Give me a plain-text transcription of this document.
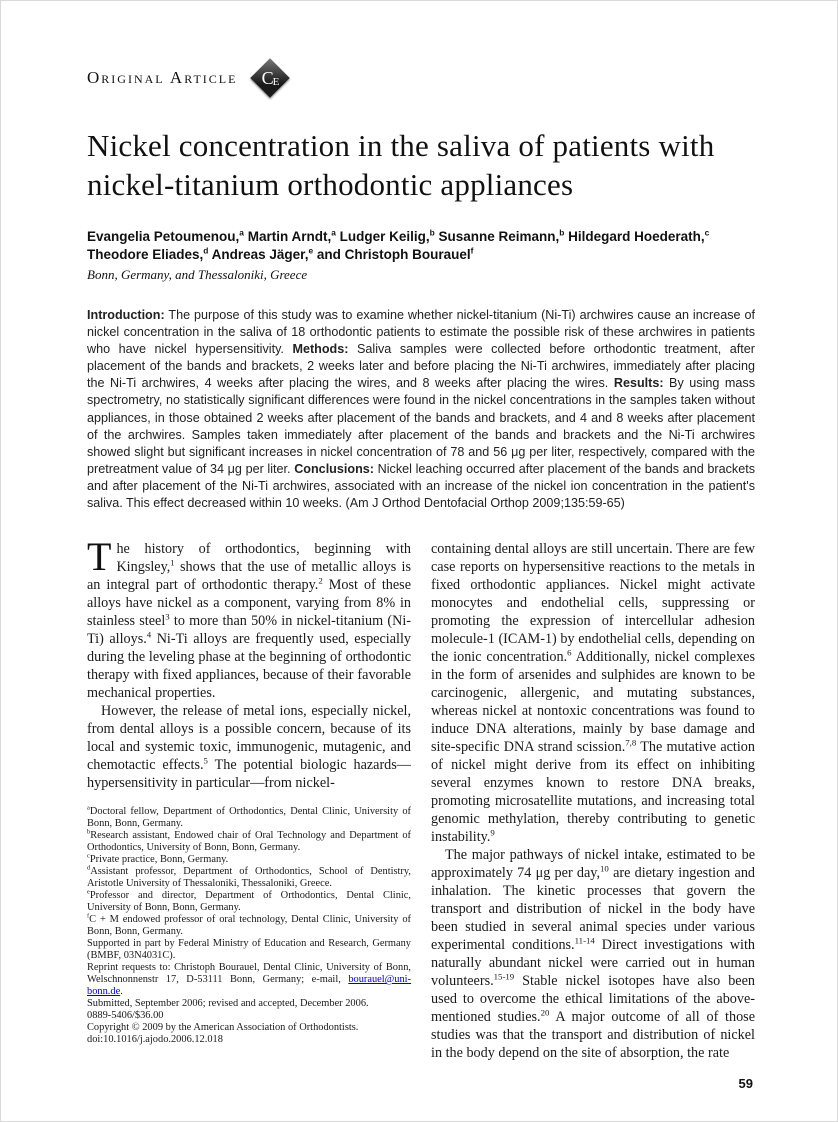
Original Article C E
Nickel concentration in the saliva of patients with nickel-titanium orthodontic appliances
Evangelia Petoumenou,$^a$ Martin Arndt,$^a$ Ludger Keilig,$^b$ Susanne Reimann,$^b$ Hildegard Hoederath,$^c$ Theodore Eliades,$^d$ Andreas Jäger,$^e$ and Christoph Bourauel$^f$
Bonn, Germany, and Thessaloniki, Greece
Introduction: The purpose of this study was to examine whether nickel-titanium (Ni-Ti) archwires cause an increase of nickel concentration in the saliva of 18 orthodontic patients to estimate the possible risk of these archwires in patients who have nickel hypersensitivity. Methods: Saliva samples were collected before orthodontic treatment, after placement of the bands and brackets, 2 weeks later and before placing the Ni-Ti archwires, immediately after placing the Ni-Ti archwires, 4 weeks after placing the wires, and 8 weeks after placing the wires. Results: By using mass spectrometry, no statistically significant differences were found in the nickel concentrations in the samples taken without appliances, in those obtained 2 weeks after placement of the bands and brackets, and 4 and 8 weeks after placement of the archwires. Samples taken immediately after placement of the bands and brackets and the Ni-Ti archwires showed slight but significant increases in nickel concentration of 78 and 56 μg per liter, respectively, compared with the pretreatment value of 34 μg per liter. Conclusions: Nickel leaching occurred after placement of the bands and brackets and after placement of the Ni-Ti archwires, associated with an increase of the nickel ion concentration in the patient's saliva. This effect decreased within 10 weeks. (Am J Orthod Dentofacial Orthop 2009;135:59-65)

The history of orthodontics, beginning with Kingsley,$^1$ shows that the use of metallic alloys is an integral part of orthodontic therapy.$^2$ Most of these alloys have nickel as a component, varying from 8% in stainless steel$^3$ to more than 50% in nickel-titanium (Ni-Ti) alloys.$^4$ Ni-Ti alloys are frequently used, especially during the leveling phase at the beginning of orthodontic therapy with fixed appliances, because of their favorable mechanical properties.

However, the release of metal ions, especially nickel, from dental alloys is a possible concern, because of its local and systemic toxic, immunogenic, mutagenic, and chemotactic effects.$^5$ The potential biologic hazards—hypersensitivity in particular—from nickel-

$^a$Doctoral fellow, Department of Orthodontics, Dental Clinic, University of Bonn, Bonn, Germany.

$^b$Research assistant, Endowed chair of Oral Technology and Department of Orthodontics, University of Bonn, Bonn, Germany.

$^c$Private practice, Bonn, Germany.

$^d$Assistant professor, Department of Orthodontics, School of Dentistry, Aristotle University of Thessaloniki, Thessaloniki, Greece.

$^e$Professor and director, Department of Orthodontics, Dental Clinic, University of Bonn, Bonn, Germany.

$^f$C + M endowed professor of oral technology, Dental Clinic, University of Bonn, Bonn, Germany.

Supported in part by Federal Ministry of Education and Research, Germany (BMBF, 03N4031C).

Reprint requests to: Christoph Bourauel, Dental Clinic, University of Bonn, Welschnonnenstr 17, D-53111 Bonn, Germany; e-mail, bourauel@uni-bonn.de.

Submitted, September 2006; revised and accepted, December 2006.

0889-5406/$36.00

Copyright © 2009 by the American Association of Orthodontists.

doi:10.1016/j.ajodo.2006.12.018

containing dental alloys are still uncertain. There are few case reports on hypersensitive reactions to the metals in fixed orthodontic appliances. Nickel might activate monocytes and endothelial cells, suppressing or promoting the expression of intercellular adhesion molecule-1 (ICAM-1) by endothelial cells, depending on the ionic concentration.$^6$ Additionally, nickel complexes in the form of arsenides and sulphides are known to be carcinogenic, allergenic, and mutating substances, whereas nickel at nontoxic concentrations was found to induce DNA alterations, mainly by base damage and site-specific DNA strand scission.$^{7,8}$ The mutative action of nickel might derive from its effect on inhibiting several enzymes known to restore DNA breaks, promoting microsatellite mutations, and increasing total genomic methylation, thereby contributing to genetic instability.$^9$

The major pathways of nickel intake, estimated to be approximately 74 μg per day,$^{10}$ are dietary ingestion and inhalation. The kinetic processes that govern the transport and distribution of nickel in the body have been studied in several animal species under various experimental conditions.$^{11-14}$ Direct investigations with naturally abundant nickel were carried out in human volunteers.$^{15-19}$ Stable nickel isotopes have also been used to overcome the ethical limitations of the above-mentioned studies.$^{20}$ A major outcome of all of those studies was that the transport and distribution of nickel in the body depend on the site of absorption, the rate

59
